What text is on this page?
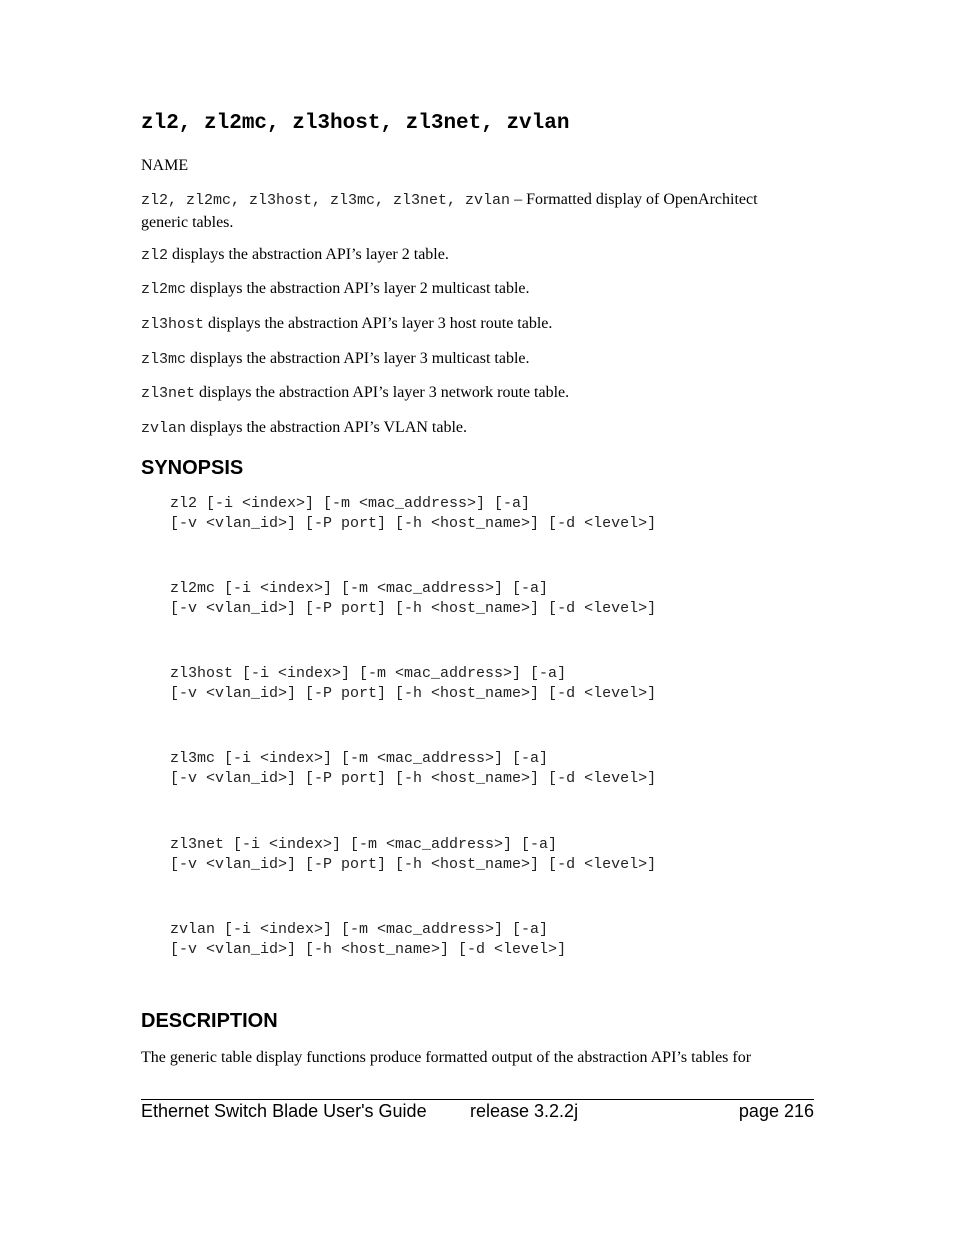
zl2, zl2mc, zl3host, zl3net, zvlan

NAME

zl2, zl2mc, zl3host, zl3mc, zl3net, zvlan – Formatted display of OpenArchitect generic tables.

zl2 displays the abstraction API’s layer 2 table.

zl2mc displays the abstraction API’s layer 2 multicast table.

zl3host displays the abstraction API’s layer 3 host route table.

zl3mc displays the abstraction API’s layer 3 multicast table.

zl3net displays the abstraction API’s layer 3 network route table.

zvlan displays the abstraction API’s VLAN table.

SYNOPSIS
zl2 [-i <index>] [-m <mac_address>] [-a]
[-v <vlan_id>] [-P port] [-h <host_name>] [-d <level>]
zl2mc [-i <index>] [-m <mac_address>] [-a]
[-v <vlan_id>] [-P port] [-h <host_name>] [-d <level>]
zl3host [-i <index>] [-m <mac_address>] [-a]
[-v <vlan_id>] [-P port] [-h <host_name>] [-d <level>]
zl3mc [-i <index>] [-m <mac_address>] [-a]
[-v <vlan_id>] [-P port] [-h <host_name>] [-d <level>]
zl3net [-i <index>] [-m <mac_address>] [-a]
[-v <vlan_id>] [-P port] [-h <host_name>] [-d <level>]
zvlan [-i <index>] [-m <mac_address>] [-a]
[-v <vlan_id>] [-h <host_name>] [-d <level>]
DESCRIPTION

The generic table display functions produce formatted output of the abstraction API’s tables for

Ethernet Switch Blade User's Guide release 3.2.2j	page 216
